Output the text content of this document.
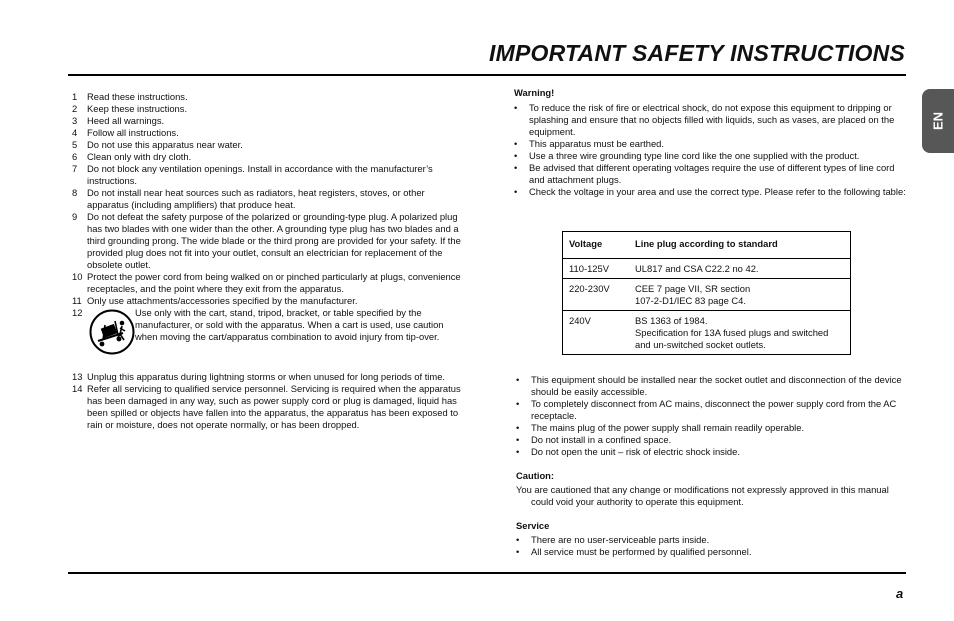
IMPORTANT SAFETY INSTRUCTIONS
EN
1	Read these instructions.
2	Keep these instructions.
3	Heed all warnings.
4	Follow all instructions.
5	Do not use this apparatus near water.
6	Clean only with dry cloth.
7	Do not block any ventilation openings. Install in accordance with the manufacturer’s instructions.
8	Do not install near heat sources such as radiators, heat registers, stoves, or other apparatus (including amplifiers) that produce heat.
9	Do not defeat the safety purpose of the polarized or grounding-type plug. A polarized plug has two blades with one wider than the other. A grounding type plug has two blades and a third grounding prong. The wide blade or the third prong are provided for your safety. If the provided plug does not fit into your outlet, consult an electrician for replacement of the obsolete outlet.
10 Protect the power cord from being walked on or pinched particularly at plugs, convenience receptacles, and the point where they exit from the apparatus.
11 Only use attachments/accessories specified by the manufacturer.
12	Use only with the cart, stand, tripod, bracket, or table specified by the manufacturer, or sold with the apparatus. When a cart is used, use caution when moving the cart/apparatus combination to avoid injury from tip-over.
13 Unplug this apparatus during lightning storms or when unused for long periods of time.
14 Refer all servicing to qualified service personnel. Servicing is required when the apparatus has been damaged in any way, such as power supply cord or plug is damaged, liquid has been spilled or objects have fallen into the apparatus, the apparatus has been exposed to rain or moisture, does not operate normally, or has been dropped.
Warning!
•	To reduce the risk of fire or electrical shock, do not expose this equipment to dripping or splashing and ensure that no objects filled with liquids, such as vases, are placed on the equipment.
•	This apparatus must be earthed.
•	Use a three wire grounding type line cord like the one supplied with the product.
•	Be advised that different operating voltages require the use of different types of line cord and attachment plugs.
•	Check the voltage in your area and use the correct type. Please refer to the following table:
Voltage	Line plug according to standard
110-125V	UL817 and CSA C22.2 no 42.

220-230V	CEE 7 page VII, SR section
107-2-D1/IEC 83 page C4.

240V	BS 1363 of 1984.
Specification for 13A fused plugs and switched and un-switched socket outlets.
•	This equipment should be installed near the socket outlet and disconnection of the device should be easily accessible.
•	To completely disconnect from AC mains, disconnect the power supply cord from the AC receptacle.
•	The mains plug of the power supply shall remain readily operable.
•	Do not install in a confined space.
•	Do not open the unit – risk of electric shock inside.
Caution:
You are cautioned that any change or modifications not expressly approved in this manual could void your authority to operate this equipment.
Service
•	There are no user-serviceable parts inside.
•	All service must be performed by qualified personnel.
a
